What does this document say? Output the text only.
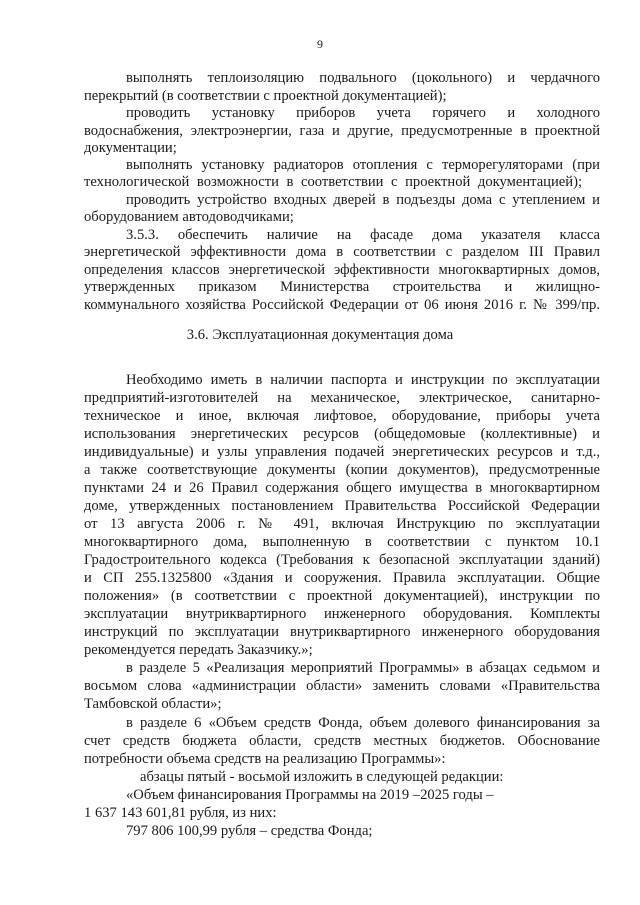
9

выполнять теплоизоляцию подвального (цокольного) и чердачного

перекрытий (в соответствии с проектной документацией);

проводить установку приборов учета горячего и холодного

водоснабжения, электроэнергии, газа и другие, предусмотренные в проектной

документации;

выполнять установку радиаторов отопления с терморегуляторами (при

технологической возможности в соответствии с проектной документацией);

проводить устройство входных дверей в подъезды дома с утеплением и

оборудованием автодоводчиками;

3.5.3. обеспечить наличие на фасаде дома указателя класса

энергетической эффективности дома в соответствии с разделом III Правил

определения классов энергетической эффективности многоквартирных домов,

утвержденных приказом Министерства строительства и жилищно-

коммунального хозяйства Российской Федерации от 06 июня 2016 г. № 399/пр.

3.6. Эксплуатационная документация дома

Необходимо иметь в наличии паспорта и инструкции по эксплуатации

предприятий-изготовителей на механическое, электрическое, санитарно-

техническое и иное, включая лифтовое, оборудование, приборы учета

использования энергетических ресурсов (общедомовые (коллективные) и

индивидуальные) и узлы управления подачей энергетических ресурсов и т.д.,

а также соответствующие документы (копии документов), предусмотренные

пунктами 24 и 26 Правил содержания общего имущества в многоквартирном

доме, утвержденных постановлением Правительства Российской Федерации

от 13 августа 2006 г. № 491, включая Инструкцию по эксплуатации

многоквартирного дома, выполненную в соответствии с пунктом 10.1

Градостроительного кодекса (Требования к безопасной эксплуатации зданий)

и СП 255.1325800 «Здания и сооружения. Правила эксплуатации. Общие

положения» (в соответствии с проектной документацией), инструкции по

эксплуатации внутриквартирного инженерного оборудования. Комплекты

инструкций по эксплуатации внутриквартирного инженерного оборудования

рекомендуется передать Заказчику.»;

в разделе 5 «Реализация мероприятий Программы» в абзацах седьмом и

восьмом слова «администрации области» заменить словами «Правительства

Тамбовской области»;

в разделе 6 «Объем средств Фонда, объем долевого финансирования за

счет средств бюджета области, средств местных бюджетов. Обоснование

потребности объема средств на реализацию Программы»:

абзацы пятый - восьмой изложить в следующей редакции:

«Объем финансирования Программы на 2019 –2025 годы –

1 637 143 601,81 рубля, из них:

797 806 100,99 рубля – средства Фонда;
